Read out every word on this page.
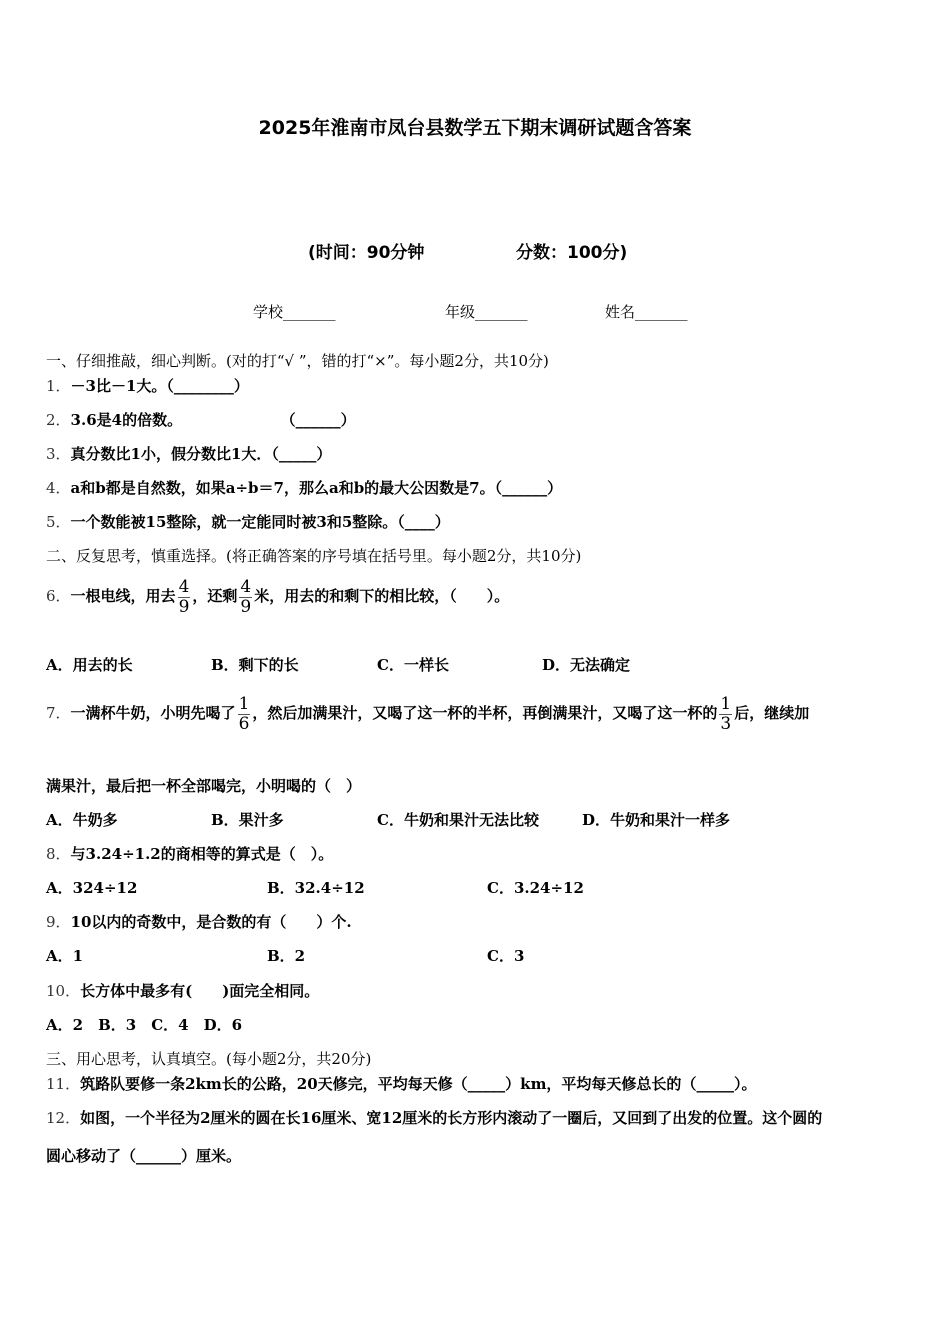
2025年淮南市凤台县数学五下期末调研试题含答案
(时间：90分钟	分数：100分)
学校_______	年级_______	姓名_______
一、仔细推敲，细心判断。(对的打“√ ”，错的打“×”。每小题2分，共10分)
1．－3比－1大。（________）
2．3.6是4的倍数。	（______）
3．真分数比1小，假分数比1大．（_____）
4．a和b都是自然数，如果a÷b＝7，那么a和b的最大公因数是7。（______）
5．一个数能被15整除，就一定能同时被3和5整除。（____）
二、反复思考，慎重选择。(将正确答案的序号填在括号里。每小题2分，共10分)
6．一根电线，用去 $\frac{4}{9}$ ，还剩 $\frac{4}{9}$ 米，用去的和剩下的相比较，（　　）。
A．用去的长	B．剩下的长	C．一样长	D．无法确定
7．一满杯牛奶，小明先喝了 $\frac{1}{6}$ ，然后加满果汁，又喝了这一杯的半杯，再倒满果汁，又喝了这一杯的 $\frac{1}{3}$ 后，继续加
满果汁，最后把一杯全部喝完，小明喝的（　）
A．牛奶多	B．果汁多	C．牛奶和果汁无法比较	D．牛奶和果汁一样多
8．与3.24÷1.2的商相等的算式是（　）。
A．324÷12	B．32.4÷12	C．3.24÷12
9．10以内的奇数中，是合数的有（　　）个.
A．1	B．2	C．3
10．长方体中最多有(　　)面完全相同。
A．2　B．3　C．4　D．6
三、用心思考，认真填空。(每小题2分，共20分)
11．筑路队要修一条2km长的公路，20天修完，平均每天修（_____）km，平均每天修总长的（_____）。
12．如图，一个半径为2厘米的圆在长16厘米、宽12厘米的长方形内滚动了一圈后，又回到了出发的位置。这个圆的
圆心移动了（______）厘米。
